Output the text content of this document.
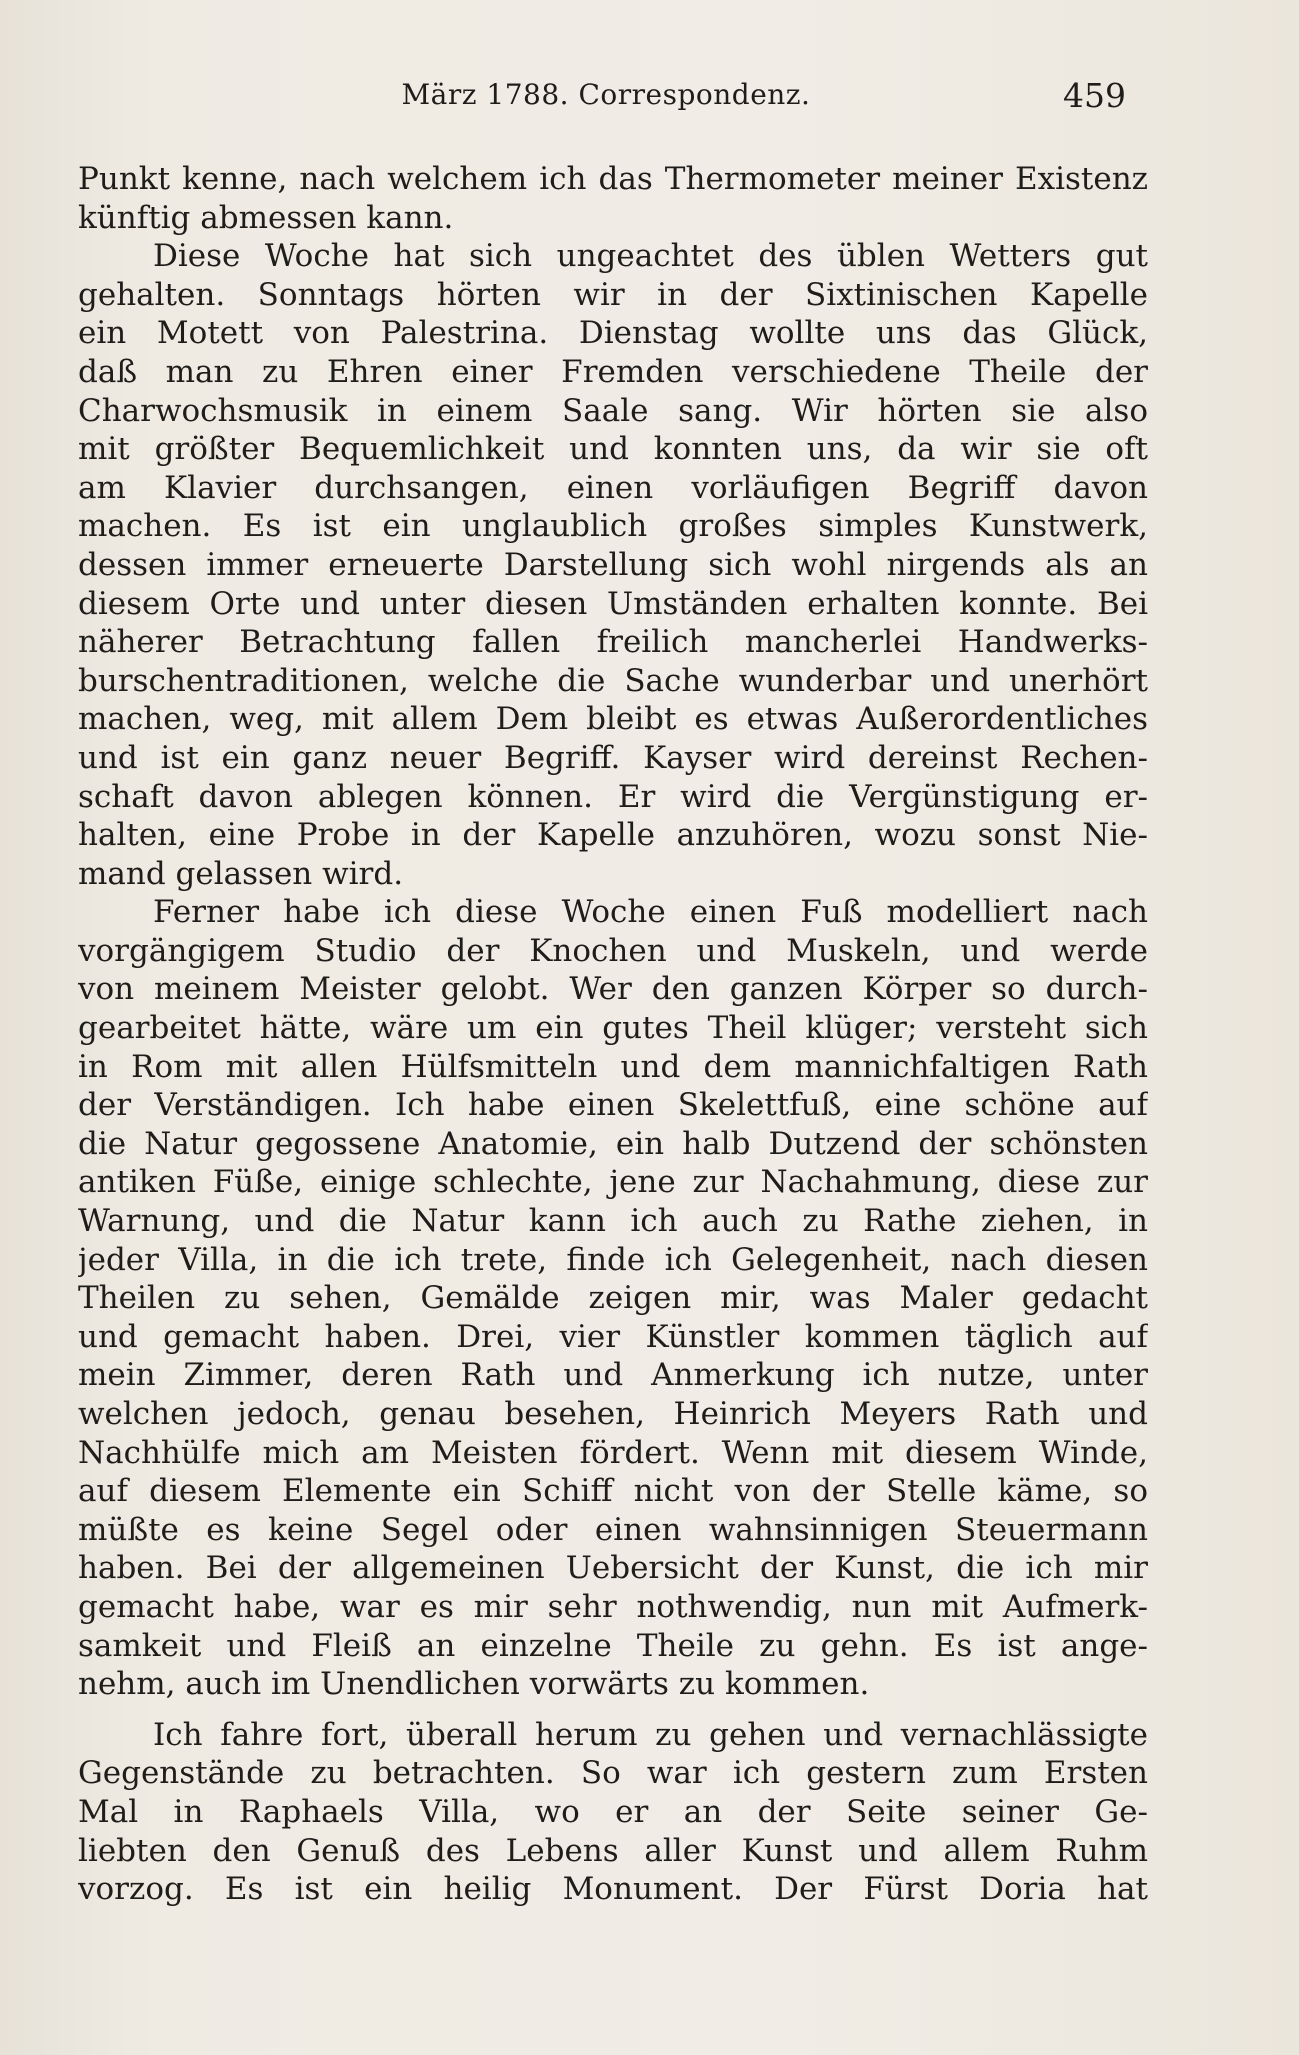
März 1788. Correspondenz.	459
Punkt kenne, nach welchem ich das Thermometer meiner Existenz
künftig abmessen kann.
Diese Woche hat sich ungeachtet des üblen Wetters gut
gehalten. Sonntags hörten wir in der Sixtinischen Kapelle
ein Motett von Palestrina. Dienstag wollte uns das Glück,
daß man zu Ehren einer Fremden verschiedene Theile der
Charwochsmusik in einem Saale sang. Wir hörten sie also
mit größter Bequemlichkeit und konnten uns, da wir sie oft
am Klavier durchsangen, einen vorläufigen Begriff davon
machen. Es ist ein unglaublich großes simples Kunstwerk,
dessen immer erneuerte Darstellung sich wohl nirgends als an
diesem Orte und unter diesen Umständen erhalten konnte. Bei
näherer Betrachtung fallen freilich mancherlei Handwerks-
burschentraditionen, welche die Sache wunderbar und unerhört
machen, weg, mit allem Dem bleibt es etwas Außerordentliches
und ist ein ganz neuer Begriff. Kayser wird dereinst Rechen-
schaft davon ablegen können. Er wird die Vergünstigung er-
halten, eine Probe in der Kapelle anzuhören, wozu sonst Nie-
mand gelassen wird.
Ferner habe ich diese Woche einen Fuß modelliert nach
vorgängigem Studio der Knochen und Muskeln, und werde
von meinem Meister gelobt. Wer den ganzen Körper so durch-
gearbeitet hätte, wäre um ein gutes Theil klüger; versteht sich
in Rom mit allen Hülfsmitteln und dem mannichfaltigen Rath
der Verständigen. Ich habe einen Skelettfuß, eine schöne auf
die Natur gegossene Anatomie, ein halb Dutzend der schönsten
antiken Füße, einige schlechte, jene zur Nachahmung, diese zur
Warnung, und die Natur kann ich auch zu Rathe ziehen, in
jeder Villa, in die ich trete, finde ich Gelegenheit, nach diesen
Theilen zu sehen, Gemälde zeigen mir, was Maler gedacht
und gemacht haben. Drei, vier Künstler kommen täglich auf
mein Zimmer, deren Rath und Anmerkung ich nutze, unter
welchen jedoch, genau besehen, Heinrich Meyers Rath und
Nachhülfe mich am Meisten fördert. Wenn mit diesem Winde,
auf diesem Elemente ein Schiff nicht von der Stelle käme, so
müßte es keine Segel oder einen wahnsinnigen Steuermann
haben. Bei der allgemeinen Uebersicht der Kunst, die ich mir
gemacht habe, war es mir sehr nothwendig, nun mit Aufmerk-
samkeit und Fleiß an einzelne Theile zu gehn. Es ist ange-
nehm, auch im Unendlichen vorwärts zu kommen.
Ich fahre fort, überall herum zu gehen und vernachlässigte
Gegenstände zu betrachten. So war ich gestern zum Ersten
Mal in Raphaels Villa, wo er an der Seite seiner Ge-
liebten den Genuß des Lebens aller Kunst und allem Ruhm
vorzog. Es ist ein heilig Monument. Der Fürst Doria hat
